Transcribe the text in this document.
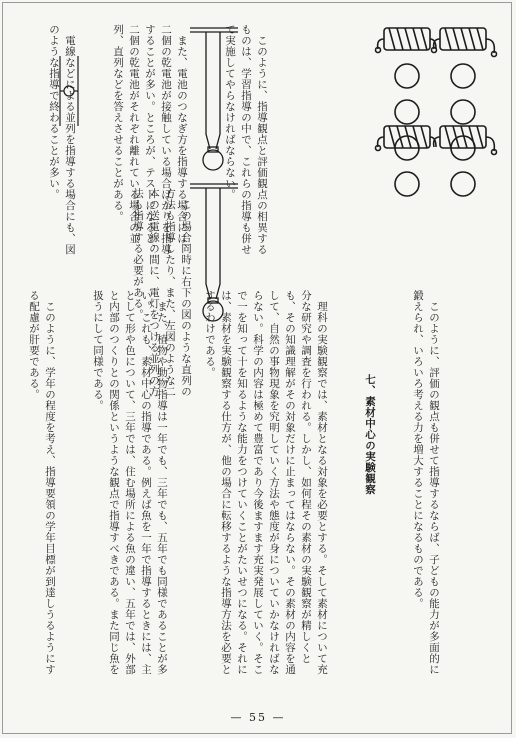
このように、指導観点と評価観点の相異するものは、学習指導の中で、これらの指導も併せて実施してやらなければならない。

また、電池のつなぎ方を指導する場合には、二個の乾電池が接触している場合ばかりを指導することが多い。ところが、テストになると、二個の乾電池がそれぞれ離れている場合の並列、直列などを答えさせることがある。

電線などによる並列を指導する場合にも、図のような指導で終わることが多い。

この場合同時に右下の図のような直列の方法も指導したり、また、左図のような二本の送電線の間に、電灯をつける並列の方法も指導する必要がある。

このように、評価の観点も併せて指導するならば、子どもの能力が多面的に鍛えられ、いろいろ考える力を増大することになるものである。

七、素材中心の実験観察

理科の実験観察では、素材となる対象を必要とする。そして素材について充分な研究や調査を行われる。しかし、如何程その素材の実験観察が精しくとも、その知識理解がその対象だけに止まってはならない。その素材の内容を通して、自然の事物現象を究明していく方法や態度が身についていかなければならない。科学の内容は極めて豊富であり今後ますます充実発展していく。そこで一を知って十を知るような能力をつけていくことがたいせつになる。それには、素材を実験観察する仕方が、他の場合に転移するような指導方法を必要とするわけである。

また、植物や動物指導は一年でも、三年でも、五年でも同様であることが多い。これも、素材中心の指導である。例えば魚を一年で指導するときには、主として形や色について、三年では、住む場所による魚の違い、五年では、外部と内部のつくりとの関係というような観点で指導すべきである。また同じ魚を扱うにして同様である。

このように、学年の程度を考え、指導要領の学年目標が到達しうるようにする配慮が肝要である。

— 55 —
